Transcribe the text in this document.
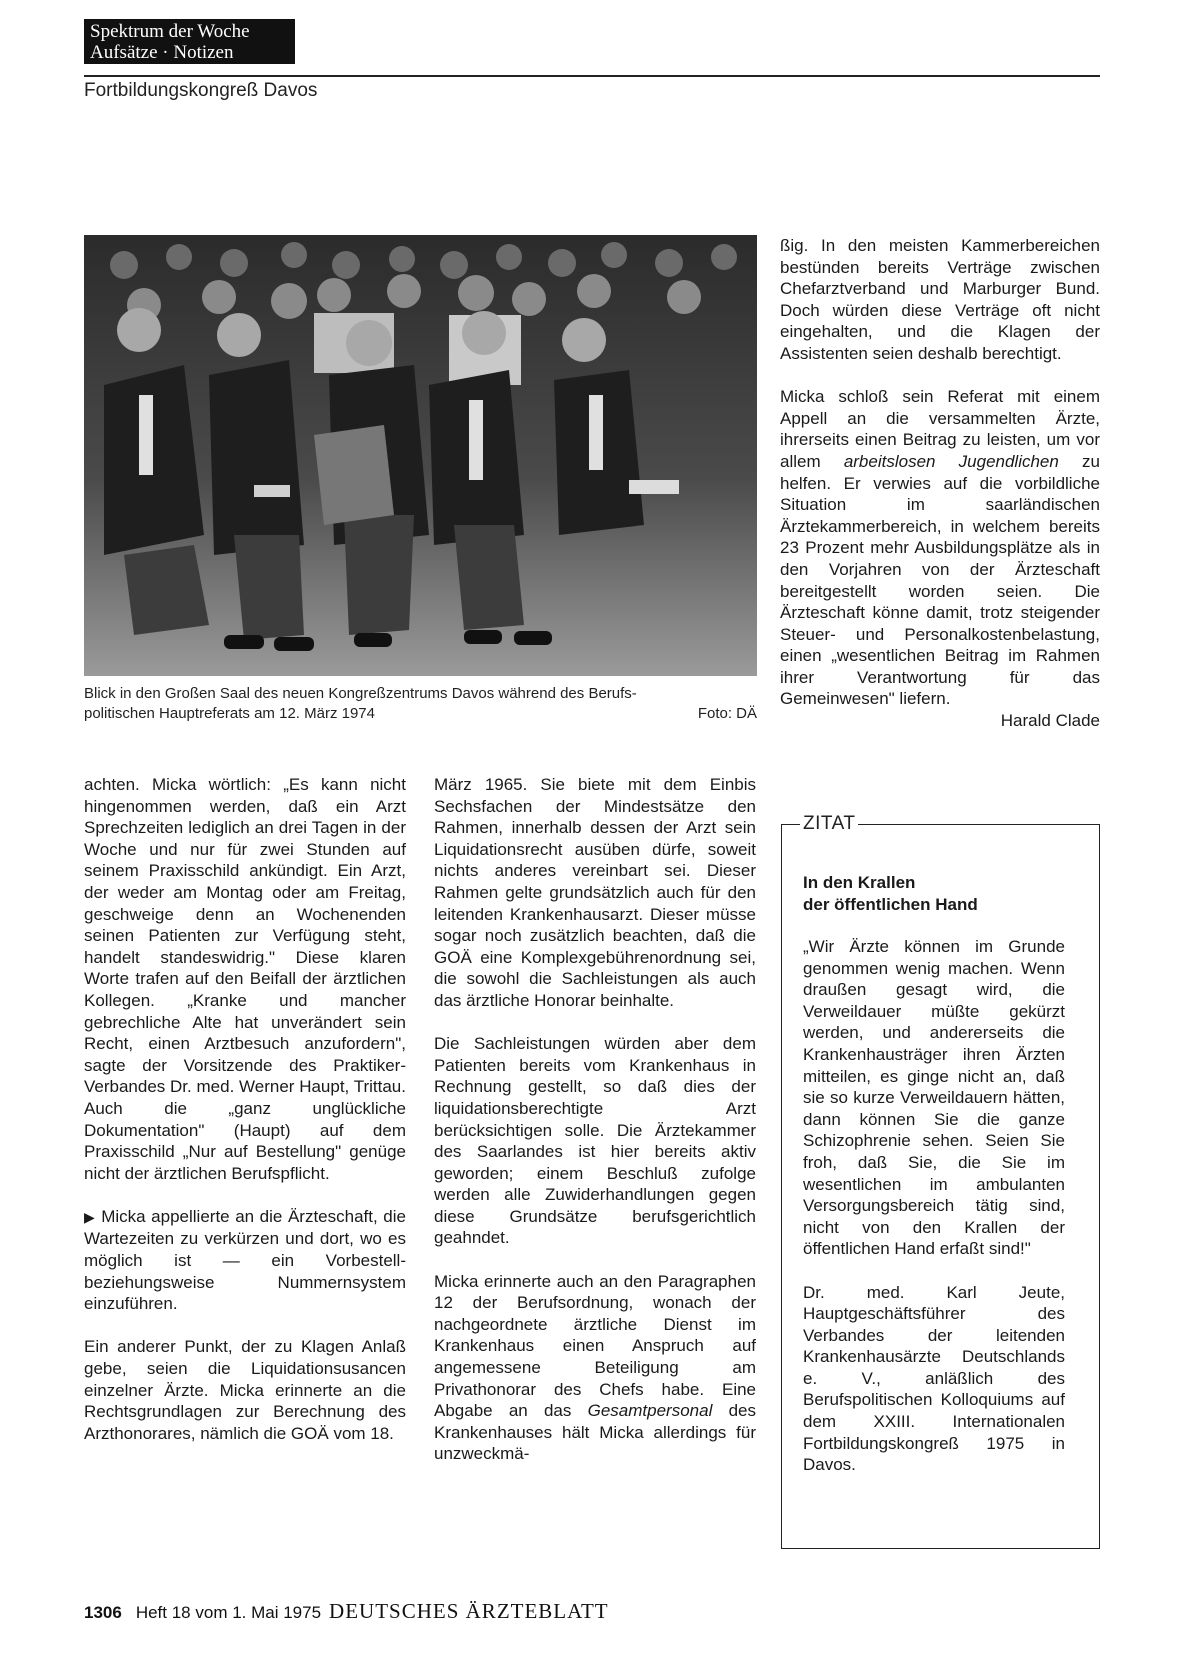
Spektrum der Woche
Aufsätze · Notizen
Fortbildungskongreß Davos
Blick in den Großen Saal des neuen Kongreßzentrums Davos während des Berufs-
politischen Hauptreferats am 12. März 1974	Foto: DÄ

achten. Micka wörtlich: „Es kann nicht hingenommen werden, daß ein Arzt Sprechzeiten lediglich an drei Tagen in der Woche und nur für zwei Stunden auf seinem Praxisschild ankündigt. Ein Arzt, der weder am Montag oder am Freitag, geschweige denn an Wochenenden seinen Patienten zur Verfügung steht, handelt standeswidrig." Diese klaren Worte trafen auf den Beifall der ärztlichen Kollegen. „Kranke und mancher gebrechliche Alte hat unverändert sein Recht, einen Arztbesuch anzufordern", sagte der Vorsitzende des Praktiker-Verbandes Dr. med. Werner Haupt, Trittau. Auch die „ganz unglückliche Dokumentation" (Haupt) auf dem Praxisschild „Nur auf Bestellung" genüge nicht der ärztlichen Berufspflicht.

▶ Micka appellierte an die Ärzteschaft, die Wartezeiten zu verkürzen und dort, wo es möglich ist — ein Vorbestell- beziehungsweise Nummernsystem einzuführen.

Ein anderer Punkt, der zu Klagen Anlaß gebe, seien die Liquidationsusancen einzelner Ärzte. Micka erinnerte an die Rechtsgrundlagen zur Berechnung des Arzthonorares, nämlich die GOÄ vom 18.

März 1965. Sie biete mit dem Einbis Sechsfachen der Mindestsätze den Rahmen, innerhalb dessen der Arzt sein Liquidationsrecht ausüben dürfe, soweit nichts anderes vereinbart sei. Dieser Rahmen gelte grundsätzlich auch für den leitenden Krankenhausarzt. Dieser müsse sogar noch zusätzlich beachten, daß die GOÄ eine Komplexgebührenordnung sei, die sowohl die Sachleistungen als auch das ärztliche Honorar beinhalte.

Die Sachleistungen würden aber dem Patienten bereits vom Krankenhaus in Rechnung gestellt, so daß dies der liquidationsberechtigte Arzt berücksichtigen solle. Die Ärztekammer des Saarlandes ist hier bereits aktiv geworden; einem Beschluß zufolge werden alle Zuwiderhandlungen gegen diese Grundsätze berufsgerichtlich geahndet.

Micka erinnerte auch an den Paragraphen 12 der Berufsordnung, wonach der nachgeordnete ärztliche Dienst im Krankenhaus einen Anspruch auf angemessene Beteiligung am Privathonorar des Chefs habe. Eine Abgabe an das Gesamtpersonal des Krankenhauses hält Micka allerdings für unzweckmä-

ßig. In den meisten Kammerbereichen bestünden bereits Verträge zwischen Chefarztverband und Marburger Bund. Doch würden diese Verträge oft nicht eingehalten, und die Klagen der Assistenten seien deshalb berechtigt.

Micka schloß sein Referat mit einem Appell an die versammelten Ärzte, ihrerseits einen Beitrag zu leisten, um vor allem arbeitslosen Jugendlichen zu helfen. Er verwies auf die vorbildliche Situation im saarländischen Ärztekammerbereich, in welchem bereits 23 Prozent mehr Ausbildungsplätze als in den Vorjahren von der Ärzteschaft bereitgestellt worden seien. Die Ärzteschaft könne damit, trotz steigender Steuer- und Personalkostenbelastung, einen „wesentlichen Beitrag im Rahmen ihrer Verantwortung für das Gemeinwesen" liefern.
Harald Clade

ZITAT
In den Krallen
der öffentlichen Hand

„Wir Ärzte können im Grunde genommen wenig machen. Wenn draußen gesagt wird, die Verweildauer müßte gekürzt werden, und andererseits die Krankenhausträger ihren Ärzten mitteilen, es ginge nicht an, daß sie so kurze Verweildauern hätten, dann können Sie die ganze Schizophrenie sehen. Seien Sie froh, daß Sie, die Sie im wesentlichen im ambulanten Versorgungsbereich tätig sind, nicht von den Krallen der öffentlichen Hand erfaßt sind!"

Dr. med. Karl Jeute, Hauptgeschäftsführer des Verbandes der leitenden Krankenhausärzte Deutschlands e. V., anläßlich des Berufspolitischen Kolloquiums auf dem XXIII. Internationalen Fortbildungskongreß 1975 in Davos.

1306 Heft 18 vom 1. Mai 1975 DEUTSCHES ÄRZTEBLATT
